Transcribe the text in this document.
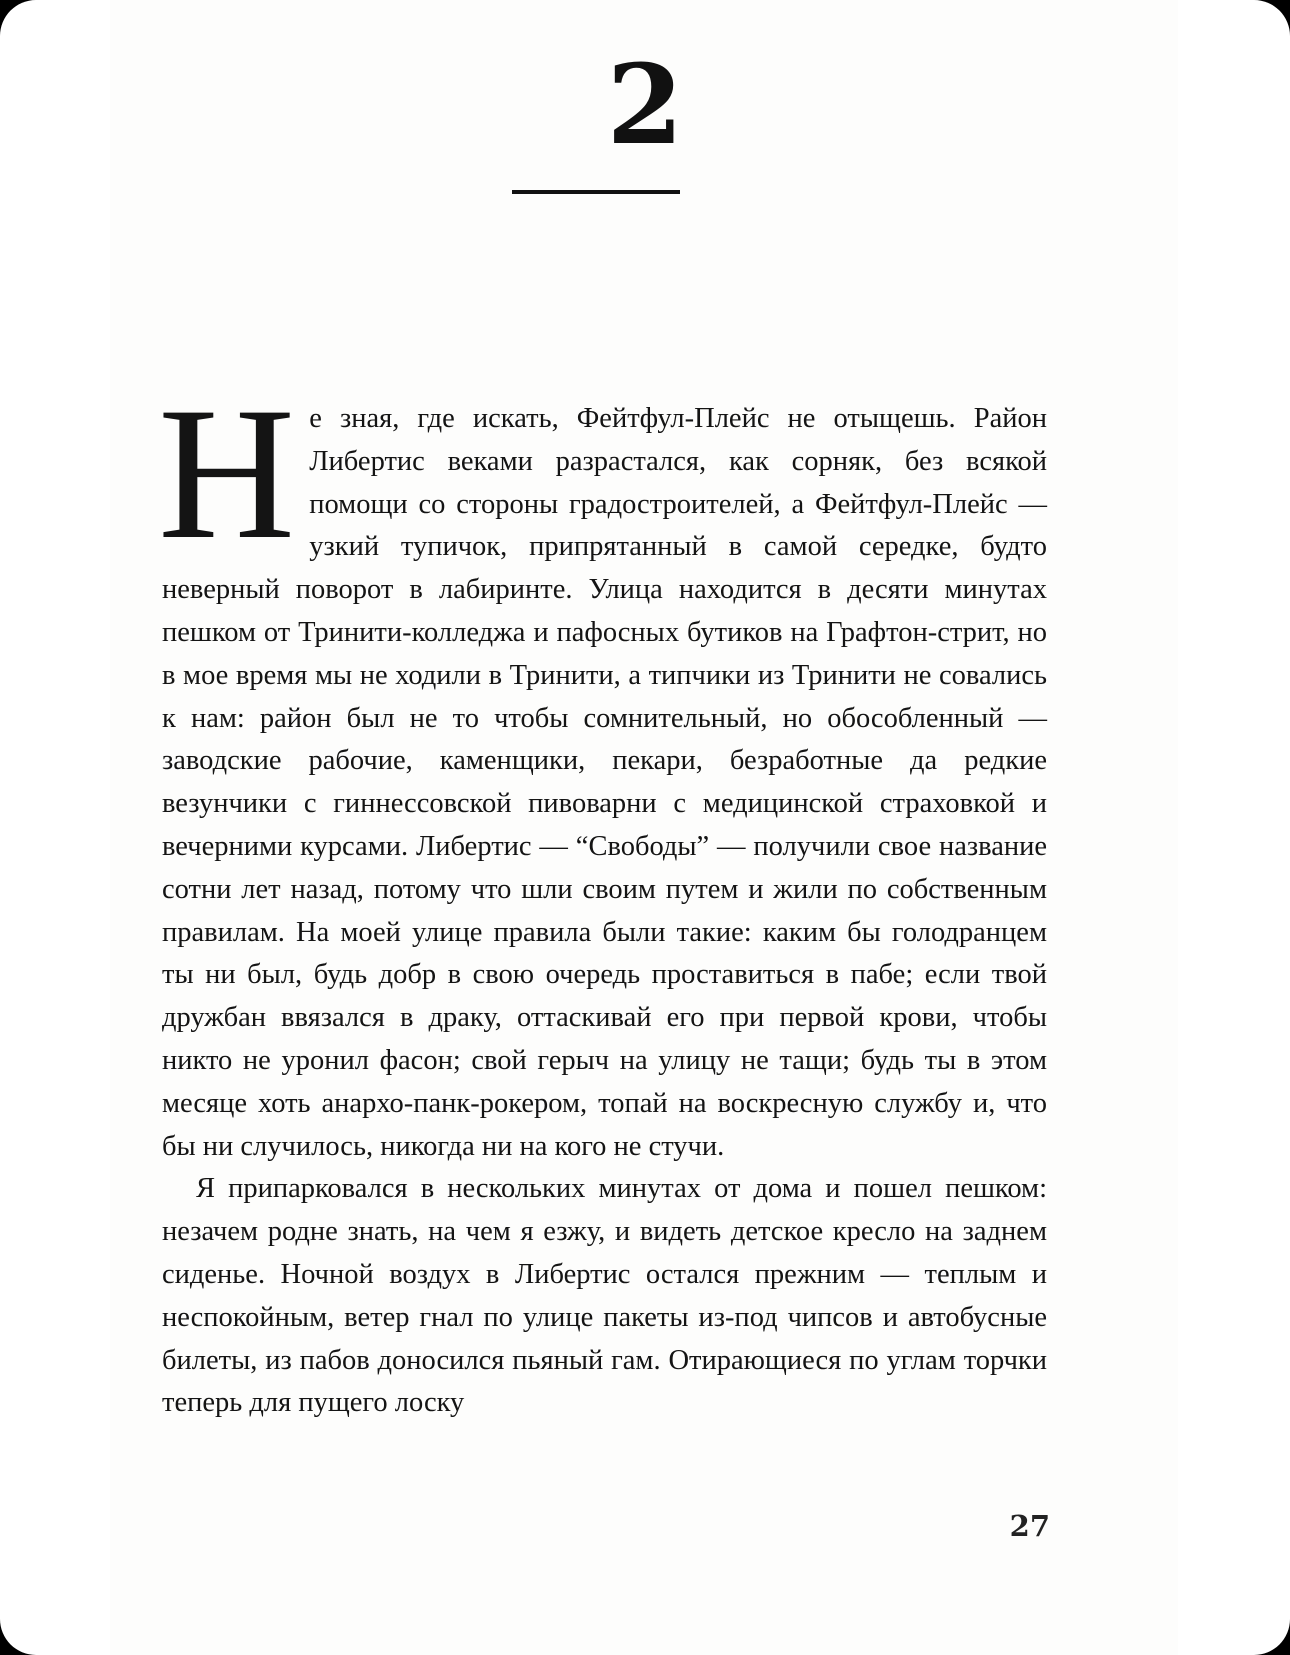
2

Не зная, где искать, Фейтфул-Плейс не отыщешь. Район Либертис веками разрастался, как сорняк, без всякой помощи со стороны градостроителей, а Фейтфул-Плейс — узкий тупичок, припрятанный в самой середке, будто неверный поворот в лабиринте. Улица находится в десяти минутах пешком от Тринити-колледжа и пафосных бутиков на Графтон-стрит, но в мое время мы не ходили в Тринити, а типчики из Тринити не совались к нам: район был не то чтобы сомнительный, но обособленный — заводские рабочие, каменщики, пекари, безработные да редкие везунчики с гиннессовской пивоварни с медицинской страховкой и вечерними курсами. Либертис — “Свободы” — получили свое название сотни лет назад, потому что шли своим путем и жили по собственным правилам. На моей улице правила были такие: каким бы голодранцем ты ни был, будь добр в свою очередь проставиться в пабе; если твой дружбан ввязался в драку, оттаскивай его при первой крови, чтобы никто не уронил фасон; свой герыч на улицу не тащи; будь ты в этом месяце хоть анархо-панк-рокером, топай на воскресную службу и, что бы ни случилось, никогда ни на кого не стучи.

Я припарковался в нескольких минутах от дома и пошел пешком: незачем родне знать, на чем я езжу, и видеть детское кресло на заднем сиденье. Ночной воздух в Либертис остался прежним — теплым и неспокойным, ветер гнал по улице пакеты из-под чипсов и автобусные билеты, из пабов доносился пьяный гам. Отирающиеся по углам торчки теперь для пущего лоску

27
